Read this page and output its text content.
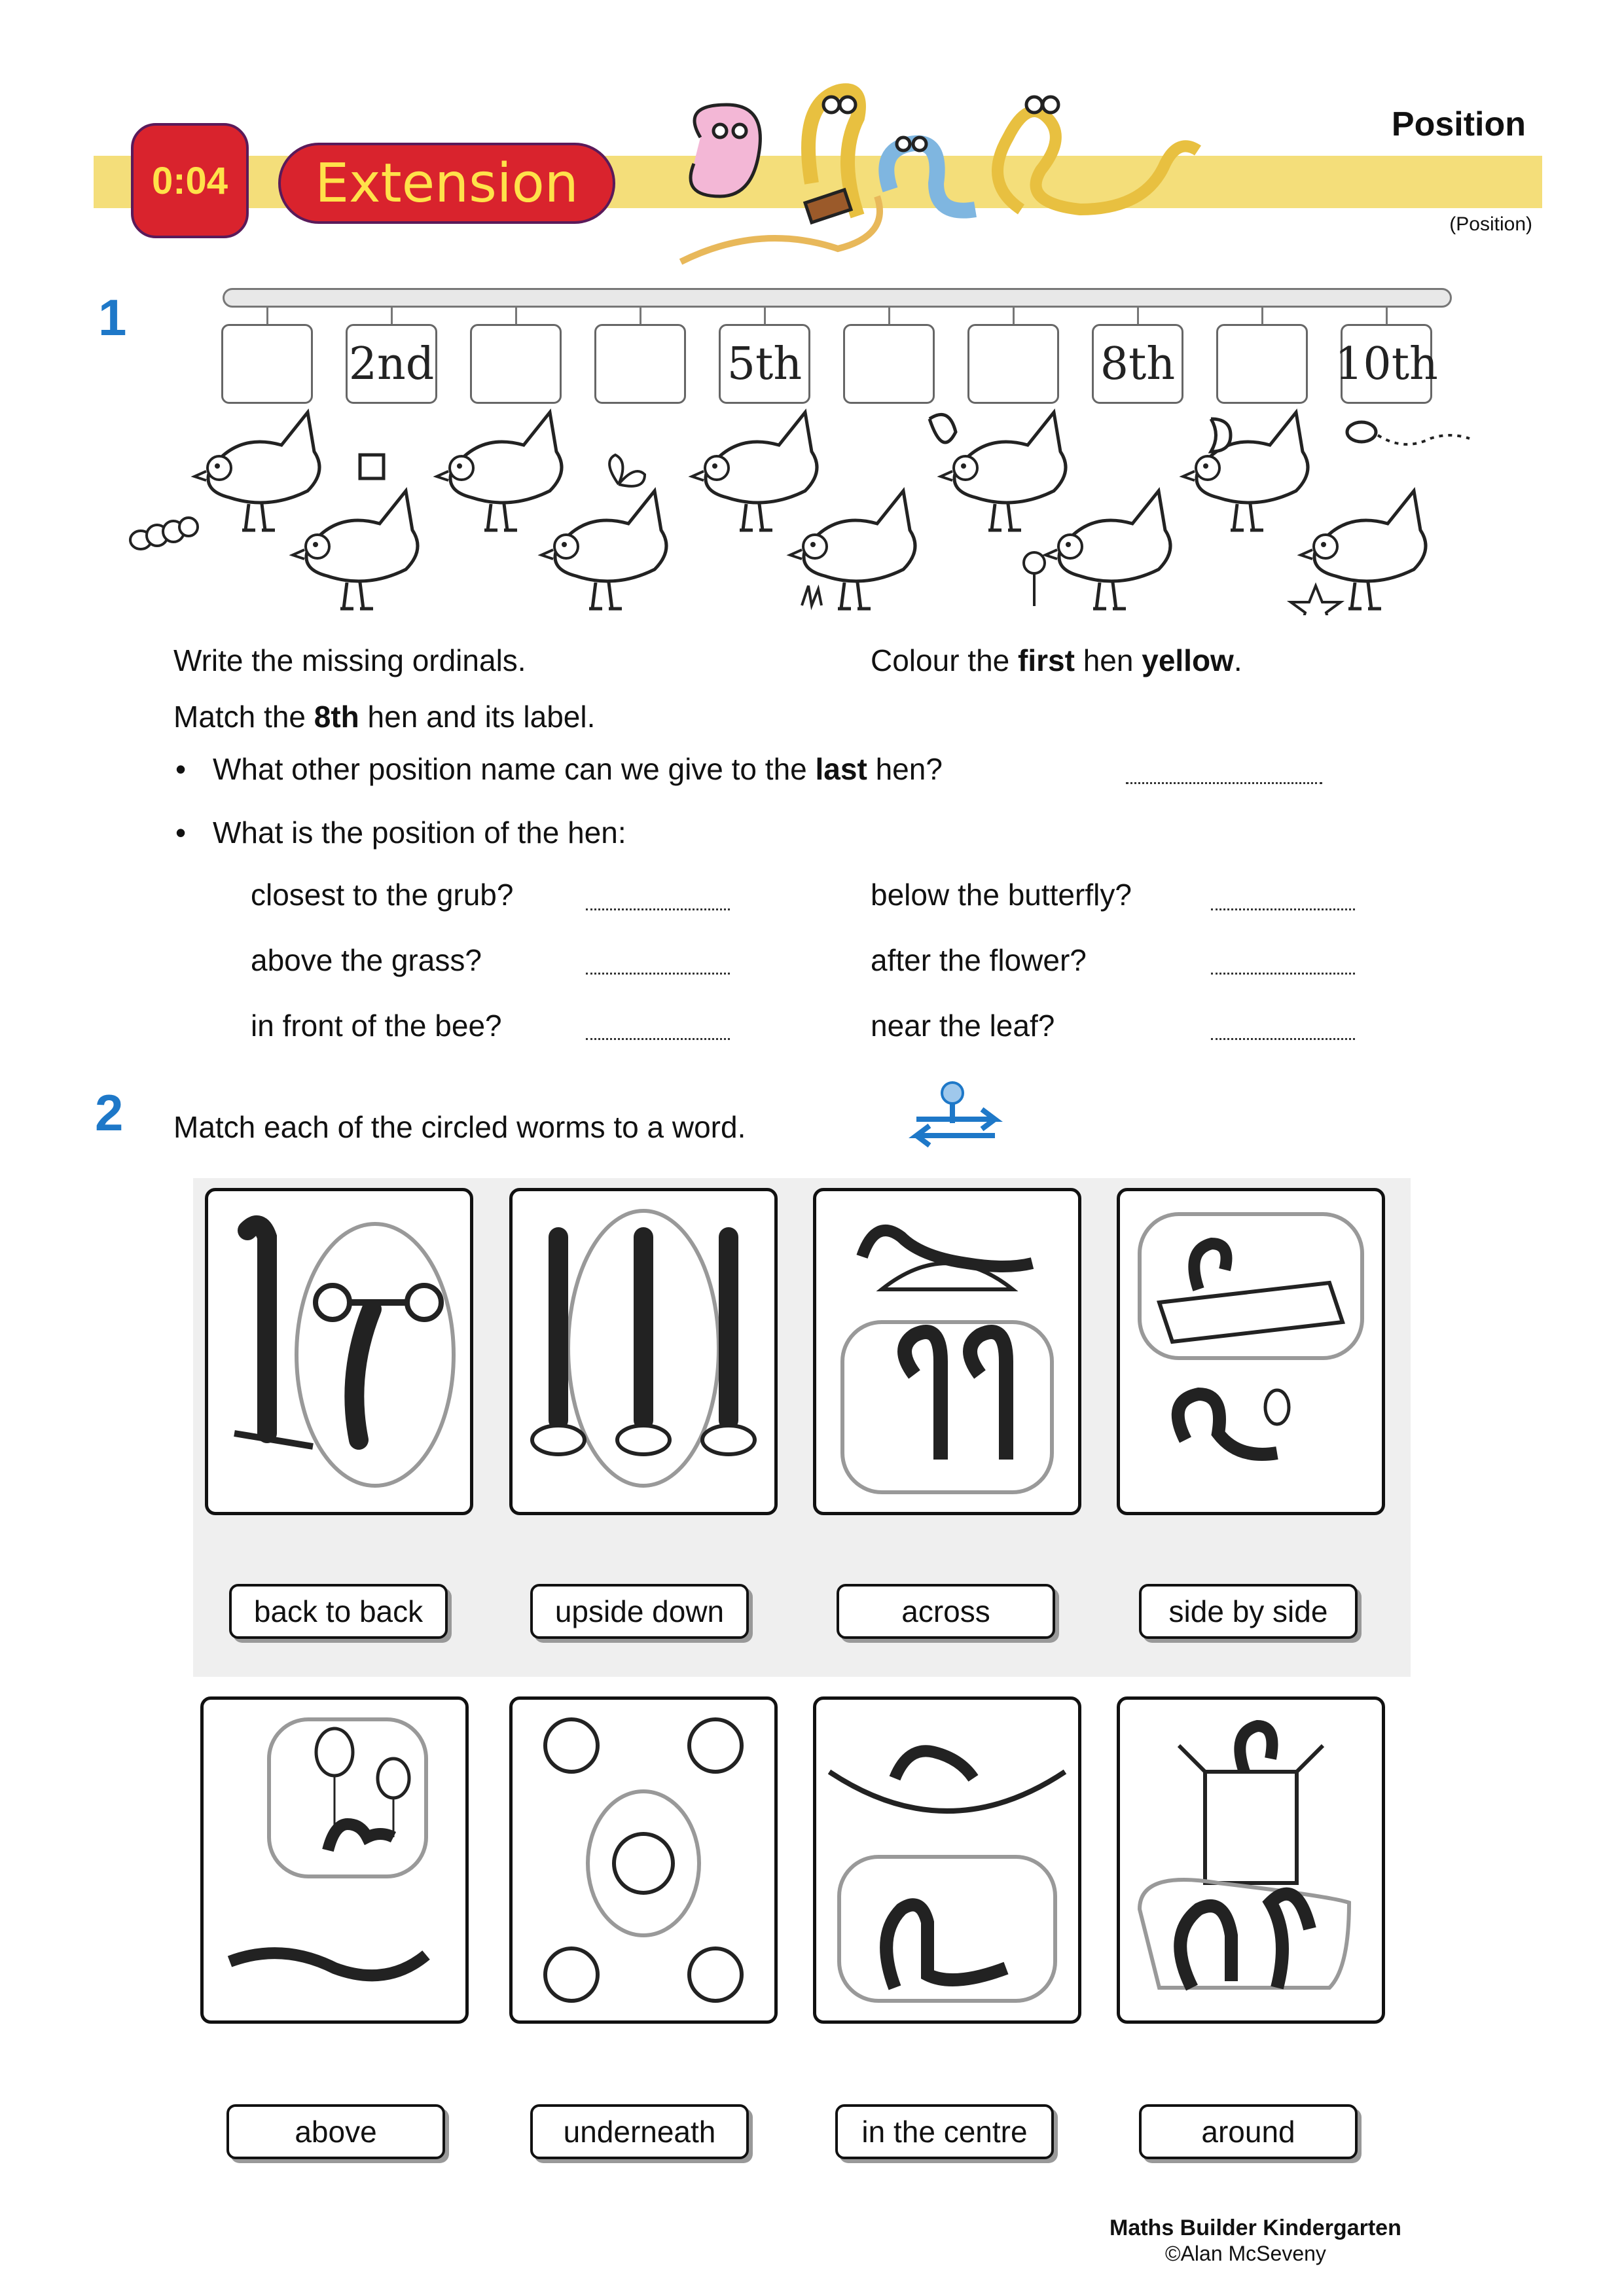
0:04	Extension
Position
(Position)
1
2nd	5th	8th	10th
Write the missing ordinals.	Colour the first hen yellow.
Match the 8th hen and its label.
• What other position name can we give to the last hen?
• What is the position of the hen:
closest to the grub?	below the butterfly?
above the grass?	after the flower?
in front of the bee?	near the leaf?
2 Match each of the circled worms to a word.
back to back	upside down	across	side by side
above	underneath	in the centre	around
Maths Builder Kindergarten
©Alan McSeveny
